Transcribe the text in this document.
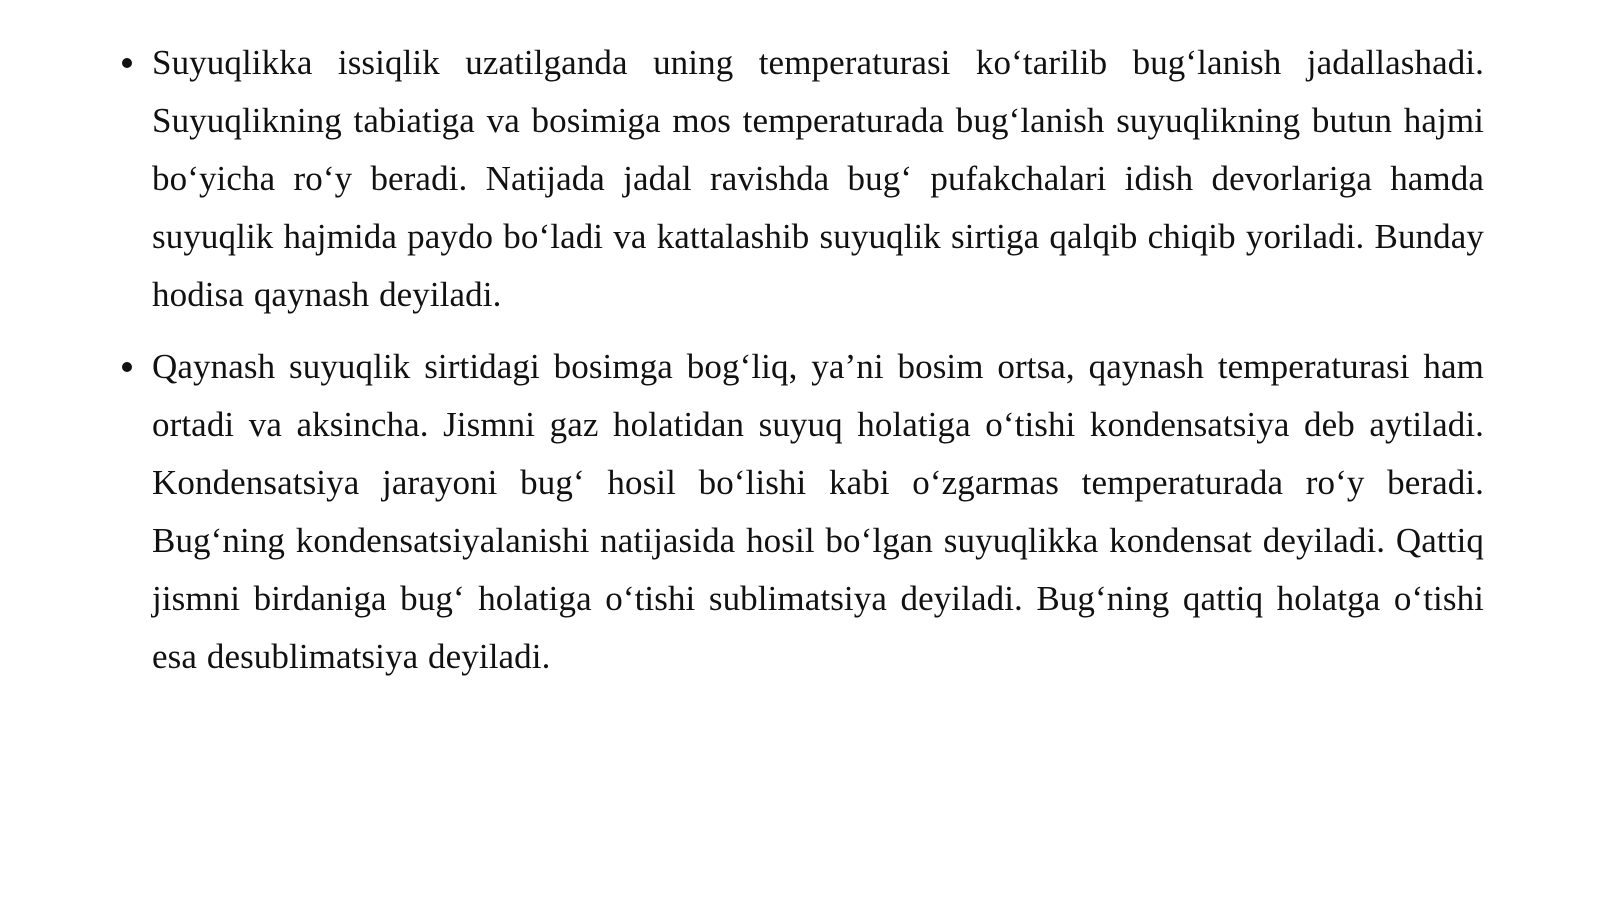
Suyuqlikka issiqlik uzatilganda uning temperaturasi ko‘tarilib bug‘lanish jadallashadi. Suyuqlikning tabiatiga va bosimiga mos temperaturada bug‘lanish suyuqlikning butun hajmi bo‘yicha ro‘y beradi. Natijada jadal ravishda bug‘ pufakchalari idish devorlariga hamda suyuqlik hajmida paydo bo‘ladi va kattalashib suyuqlik sirtiga qalqib chiqib yoriladi. Bunday hodisa qaynash deyiladi.
Qaynash suyuqlik sirtidagi bosimga bog‘liq, ya’ni bosim ortsa, qaynash temperaturasi ham ortadi va aksincha. Jismni gaz holatidan suyuq holatiga o‘tishi kondensatsiya deb aytiladi. Kondensatsiya jarayoni bug‘ hosil bo‘lishi kabi o‘zgarmas temperaturada ro‘y beradi. Bug‘ning kondensatsiyalanishi natijasida hosil bo‘lgan suyuqlikka kondensat deyiladi. Qattiq jismni birdaniga bug‘ holatiga o‘tishi sublimatsiya deyiladi. Bug‘ning qattiq holatga o‘tishi esa desublimatsiya deyiladi.
